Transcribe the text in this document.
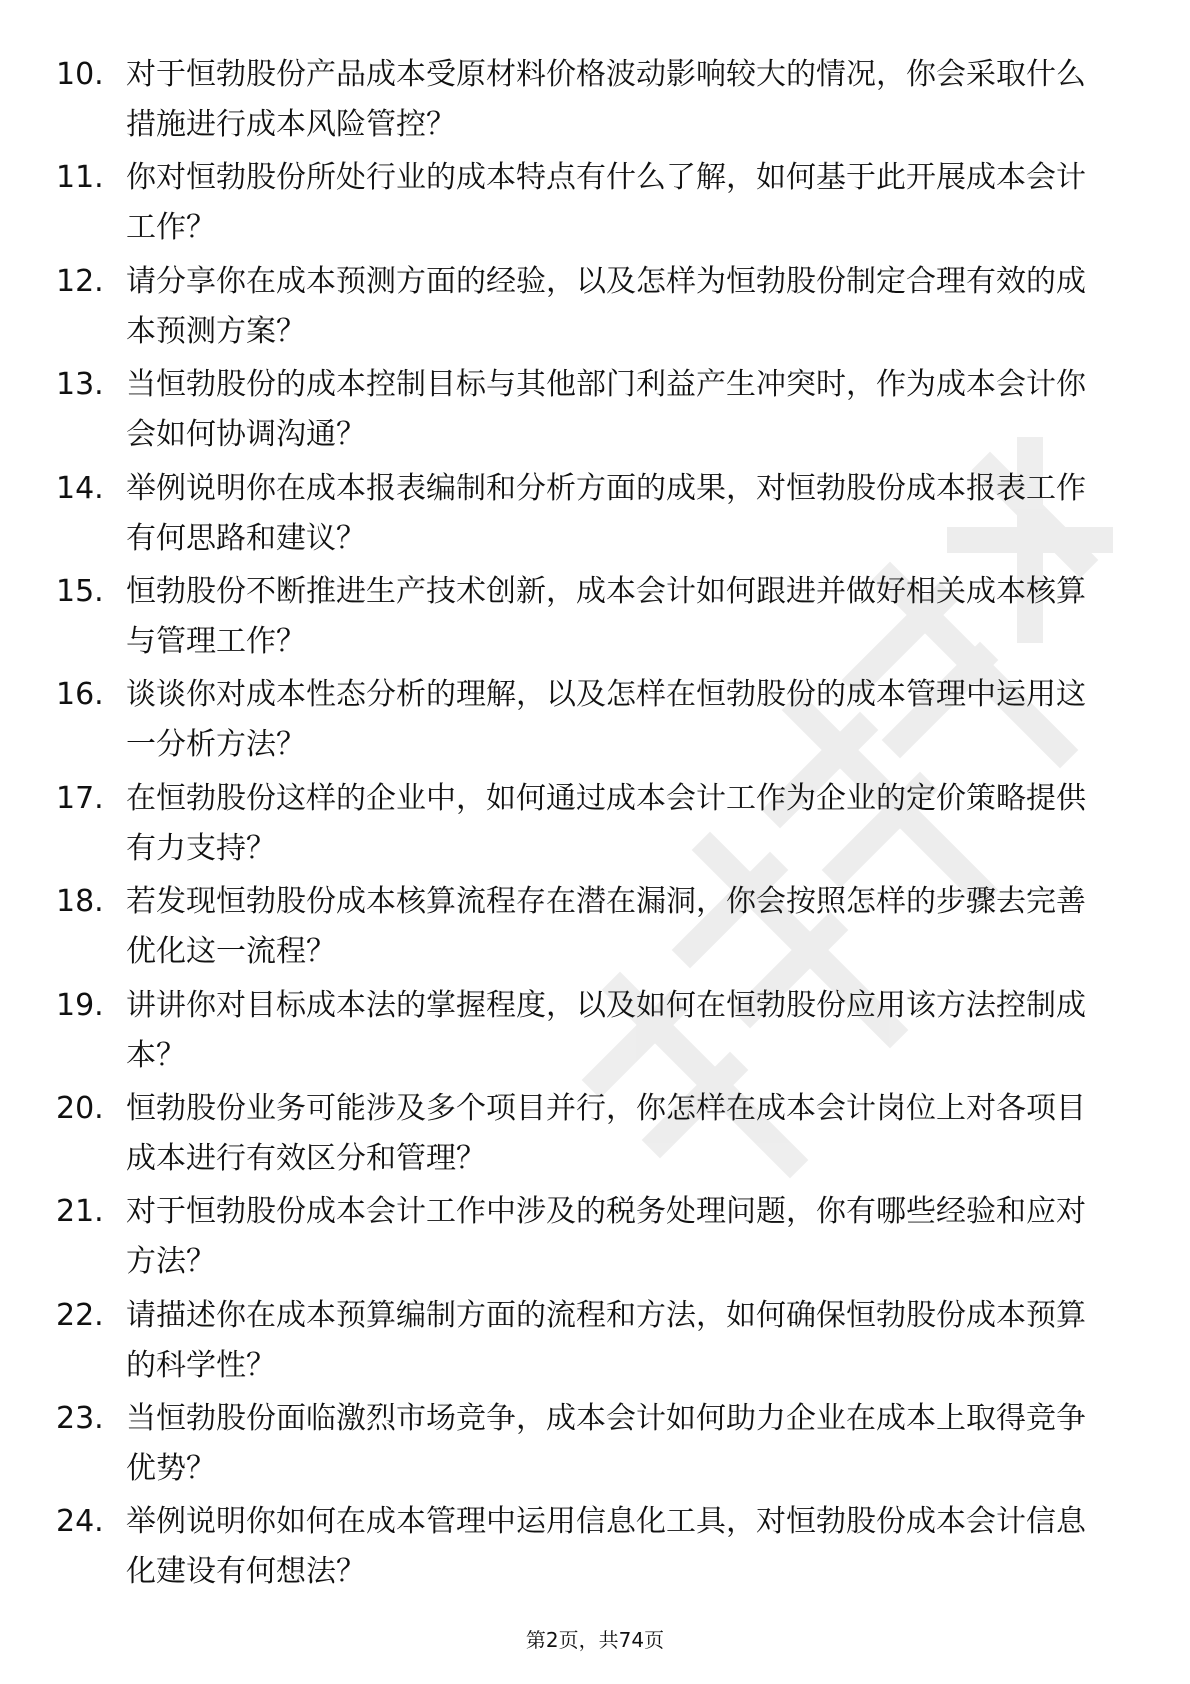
10. 对于恒勃股份产品成本受原材料价格波动影响较大的情况，你会采取什么措施进行成本风险管控？
11. 你对恒勃股份所处行业的成本特点有什么了解，如何基于此开展成本会计工作？
12. 请分享你在成本预测方面的经验，以及怎样为恒勃股份制定合理有效的成本预测方案？
13. 当恒勃股份的成本控制目标与其他部门利益产生冲突时，作为成本会计你会如何协调沟通？
14. 举例说明你在成本报表编制和分析方面的成果，对恒勃股份成本报表工作有何思路和建议？
15. 恒勃股份不断推进生产技术创新，成本会计如何跟进并做好相关成本核算与管理工作？
16. 谈谈你对成本性态分析的理解，以及怎样在恒勃股份的成本管理中运用这一分析方法？
17. 在恒勃股份这样的企业中，如何通过成本会计工作为企业的定价策略提供有力支持？
18. 若发现恒勃股份成本核算流程存在潜在漏洞，你会按照怎样的步骤去完善优化这一流程？
19. 讲讲你对目标成本法的掌握程度，以及如何在恒勃股份应用该方法控制成本？
20. 恒勃股份业务可能涉及多个项目并行，你怎样在成本会计岗位上对各项目成本进行有效区分和管理？
21. 对于恒勃股份成本会计工作中涉及的税务处理问题，你有哪些经验和应对方法？
22. 请描述你在成本预算编制方面的流程和方法，如何确保恒勃股份成本预算的科学性？
23. 当恒勃股份面临激烈市场竞争，成本会计如何助力企业在成本上取得竞争优势？
24. 举例说明你如何在成本管理中运用信息化工具，对恒勃股份成本会计信息化建设有何想法？
第2页，共74页
